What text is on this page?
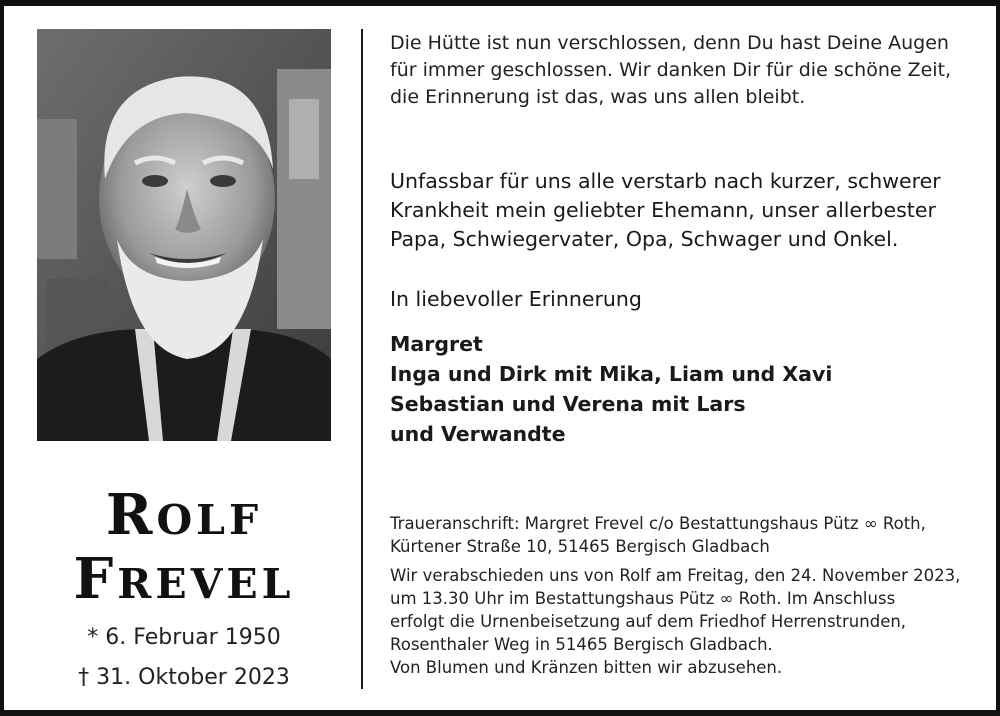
ROLF
FREVEL
* 6. Februar 1950
† 31. Oktober 2023
Die Hütte ist nun verschlossen, denn Du hast Deine Augen
für immer geschlossen. Wir danken Dir für die schöne Zeit,
die Erinnerung ist das, was uns allen bleibt.
Unfassbar für uns alle verstarb nach kurzer, schwerer
Krankheit mein geliebter Ehemann, unser allerbester
Papa, Schwiegervater, Opa, Schwager und Onkel.
In liebevoller Erinnerung
Margret
Inga und Dirk mit Mika, Liam und Xavi
Sebastian und Verena mit Lars
und Verwandte

Traueranschrift: Margret Frevel c/o Bestattungshaus Pütz ∞ Roth,

Kürtener Straße 10, 51465 Bergisch Gladbach

Wir verabschieden uns von Rolf am Freitag, den 24. November 2023,

um 13.30 Uhr im Bestattungshaus Pütz ∞ Roth. Im Anschluss

erfolgt die Urnenbeisetzung auf dem Friedhof Herrenstrunden,

Rosenthaler Weg in 51465 Bergisch Gladbach.

Von Blumen und Kränzen bitten wir abzusehen.
